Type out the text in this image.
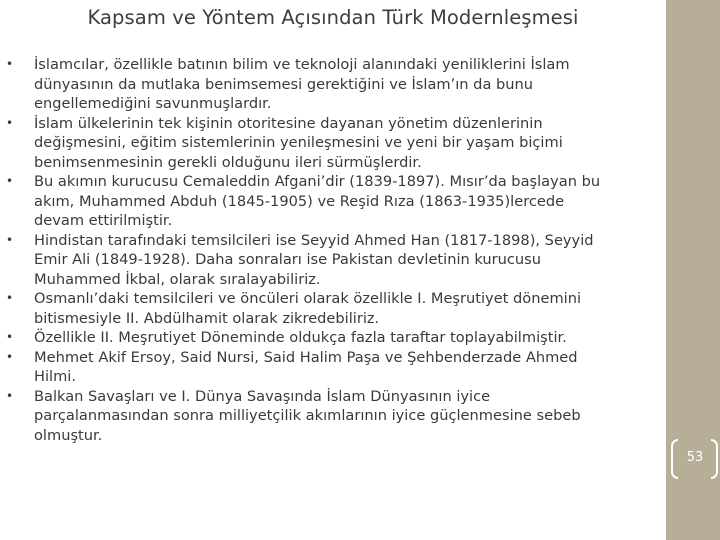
Kapsam ve Yöntem Açısından Türk Modernleşmesi
• İslamcılar, özellikle batının bilim ve teknoloji alanındaki yeniliklerini İslam
dünyasının da mutlaka benimsemesi gerektiğini ve İslam’ın da bunu
engellemediğini savunmuşlardır.
• İslam ülkelerinin tek kişinin otoritesine dayanan yönetim düzenlerinin
değişmesini, eğitim sistemlerinin yenileşmesini ve yeni bir yaşam biçimi
benimsenmesinin gerekli olduğunu ileri sürmüşlerdir.
• Bu akımın kurucusu Cemaleddin Afgani’dir (1839-1897). Mısır’da başlayan bu
akım, Muhammed Abduh (1845-1905) ve Reşid Rıza (1863-1935)lercede
devam ettirilmiştir.
• Hindistan tarafındaki temsilcileri ise Seyyid Ahmed Han (1817-1898), Seyyid
Emir Ali (1849-1928). Daha sonraları ise Pakistan devletinin kurucusu
Muhammed İkbal, olarak sıralayabiliriz.
• Osmanlı’daki temsilcileri ve öncüleri olarak özellikle I. Meşrutiyet dönemini
bitismesiyle II. Abdülhamit olarak zikredebiliriz.
• Özellikle II. Meşrutiyet Döneminde oldukça fazla taraftar toplayabilmiştir.
• Mehmet Akif Ersoy, Said Nursi, Said Halim Paşa ve Şehbenderzade Ahmed
Hilmi.
• Balkan Savaşları ve I. Dünya Savaşında İslam Dünyasının iyice
parçalanmasından sonra milliyetçilik akımlarının iyice güçlenmesine sebeb
olmuştur.
53
